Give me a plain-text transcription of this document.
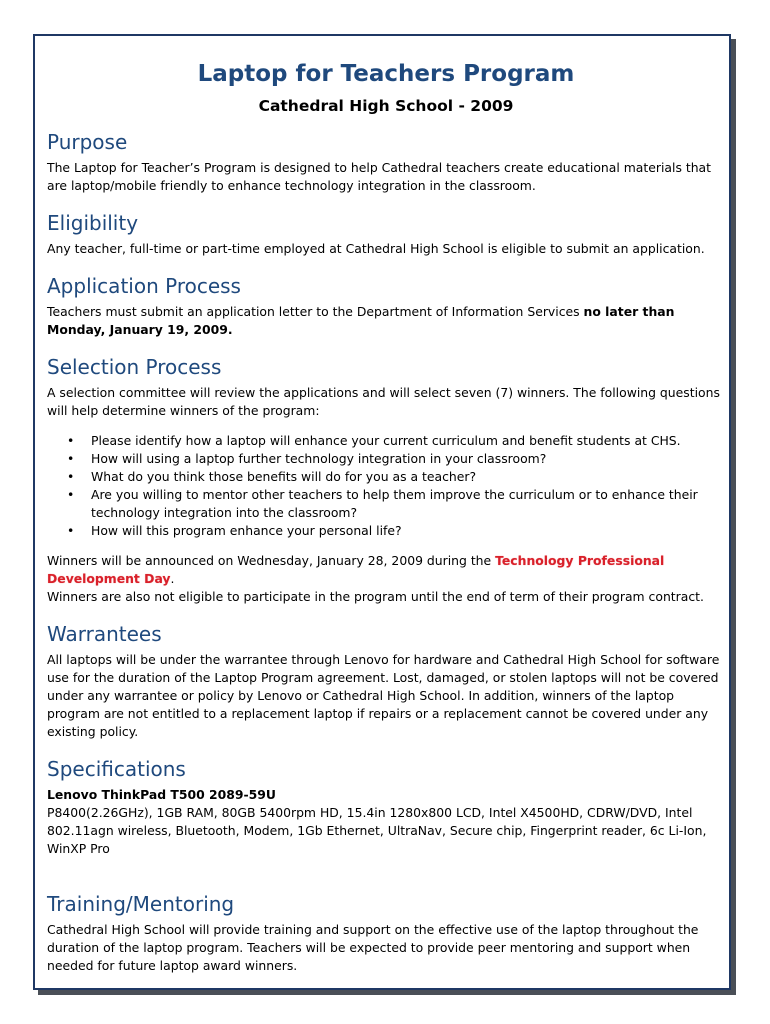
Laptop for Teachers Program
Cathedral High School - 2009
Purpose

The Laptop for Teacher’s Program is designed to help Cathedral teachers create educational materials that are laptop/mobile friendly to enhance technology integration in the classroom.

Eligibility

Any teacher, full-time or part-time employed at Cathedral High School is eligible to submit an application.

Application Process

Teachers must submit an application letter to the Department of Information Services no later than Monday, January 19, 2009.

Selection Process

A selection committee will review the applications and will select seven (7) winners. The following questions will help determine winners of the program:

• Please identify how a laptop will enhance your current curriculum and benefit students at CHS.
• How will using a laptop further technology integration in your classroom?
• What do you think those benefits will do for you as a teacher?
• Are you willing to mentor other teachers to help them improve the curriculum or to enhance their technology integration into the classroom?
• How will this program enhance your personal life?

Winners will be announced on Wednesday, January 28, 2009 during the Technology Professional Development Day.

Winners are also not eligible to participate in the program until the end of term of their program contract.

Warrantees

All laptops will be under the warrantee through Lenovo for hardware and Cathedral High School for software use for the duration of the Laptop Program agreement. Lost, damaged, or stolen laptops will not be covered under any warrantee or policy by Lenovo or Cathedral High School. In addition, winners of the laptop program are not entitled to a replacement laptop if repairs or a replacement cannot be covered under any existing policy.

Specifications

Lenovo ThinkPad T500 2089-59U

P8400(2.26GHz), 1GB RAM, 80GB 5400rpm HD, 15.4in 1280x800 LCD, Intel X4500HD, CDRW/DVD, Intel 802.11agn wireless, Bluetooth, Modem, 1Gb Ethernet, UltraNav, Secure chip, Fingerprint reader, 6c Li-Ion, WinXP Pro

Training/Mentoring

Cathedral High School will provide training and support on the effective use of the laptop throughout the duration of the laptop program. Teachers will be expected to provide peer mentoring and support when needed for future laptop award winners.
